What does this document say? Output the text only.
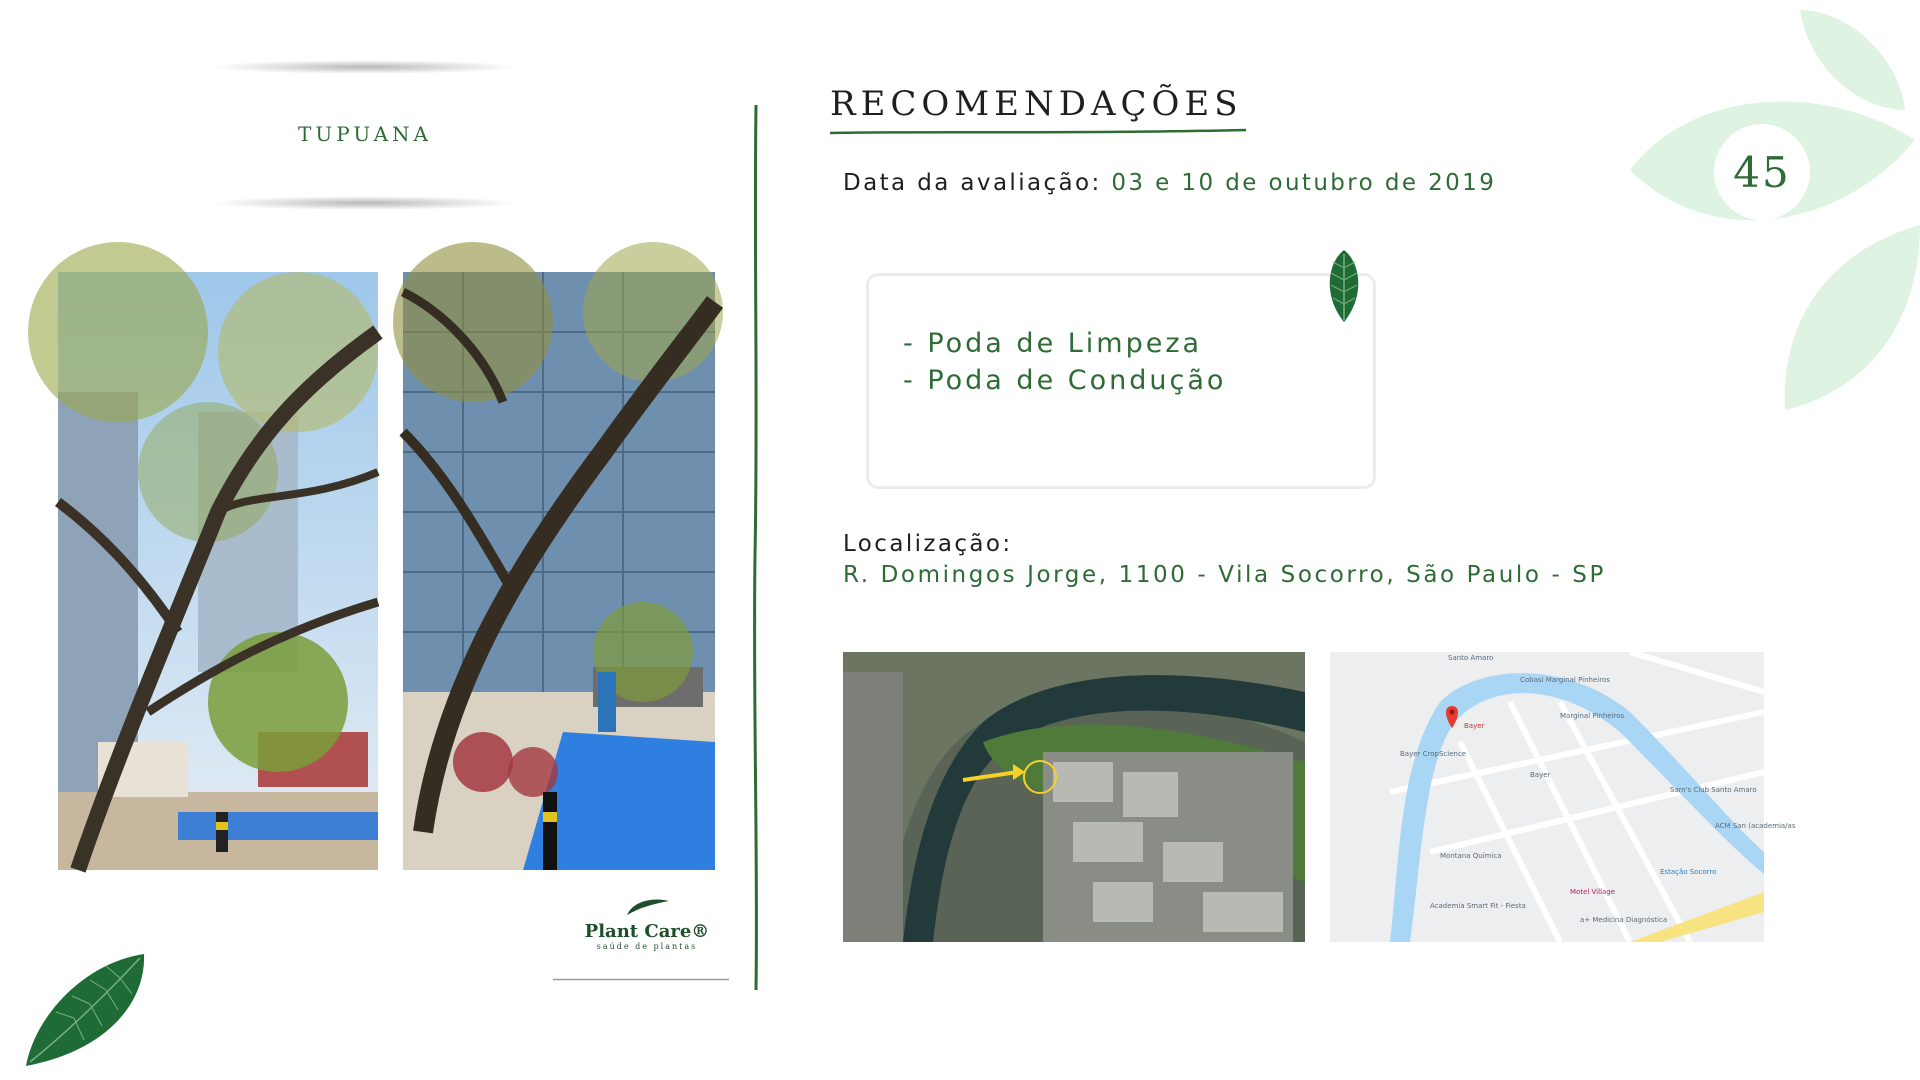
45
TUPUANA
RECOMENDAÇÕES
Data da avaliação: 03 e 10 de outubro de 2019
- Poda de Limpeza
- Poda de Condução
Localização:
R. Domingos Jorge, 1100 - Vila Socorro, São Paulo - SP
Santo Amaro
Cobasi Marginal Pinheiros
Bayer
Bayer CropScience
Bayer
Sam's Club Santo Amaro
Montana Química
Estação Socorro
Academia Smart Fit - Fiesta
Motel Village
a+ Medicina Diagnóstica
Marginal Pinheiros
ACM San (academia/as
Plant Care®
saúde de plantas
